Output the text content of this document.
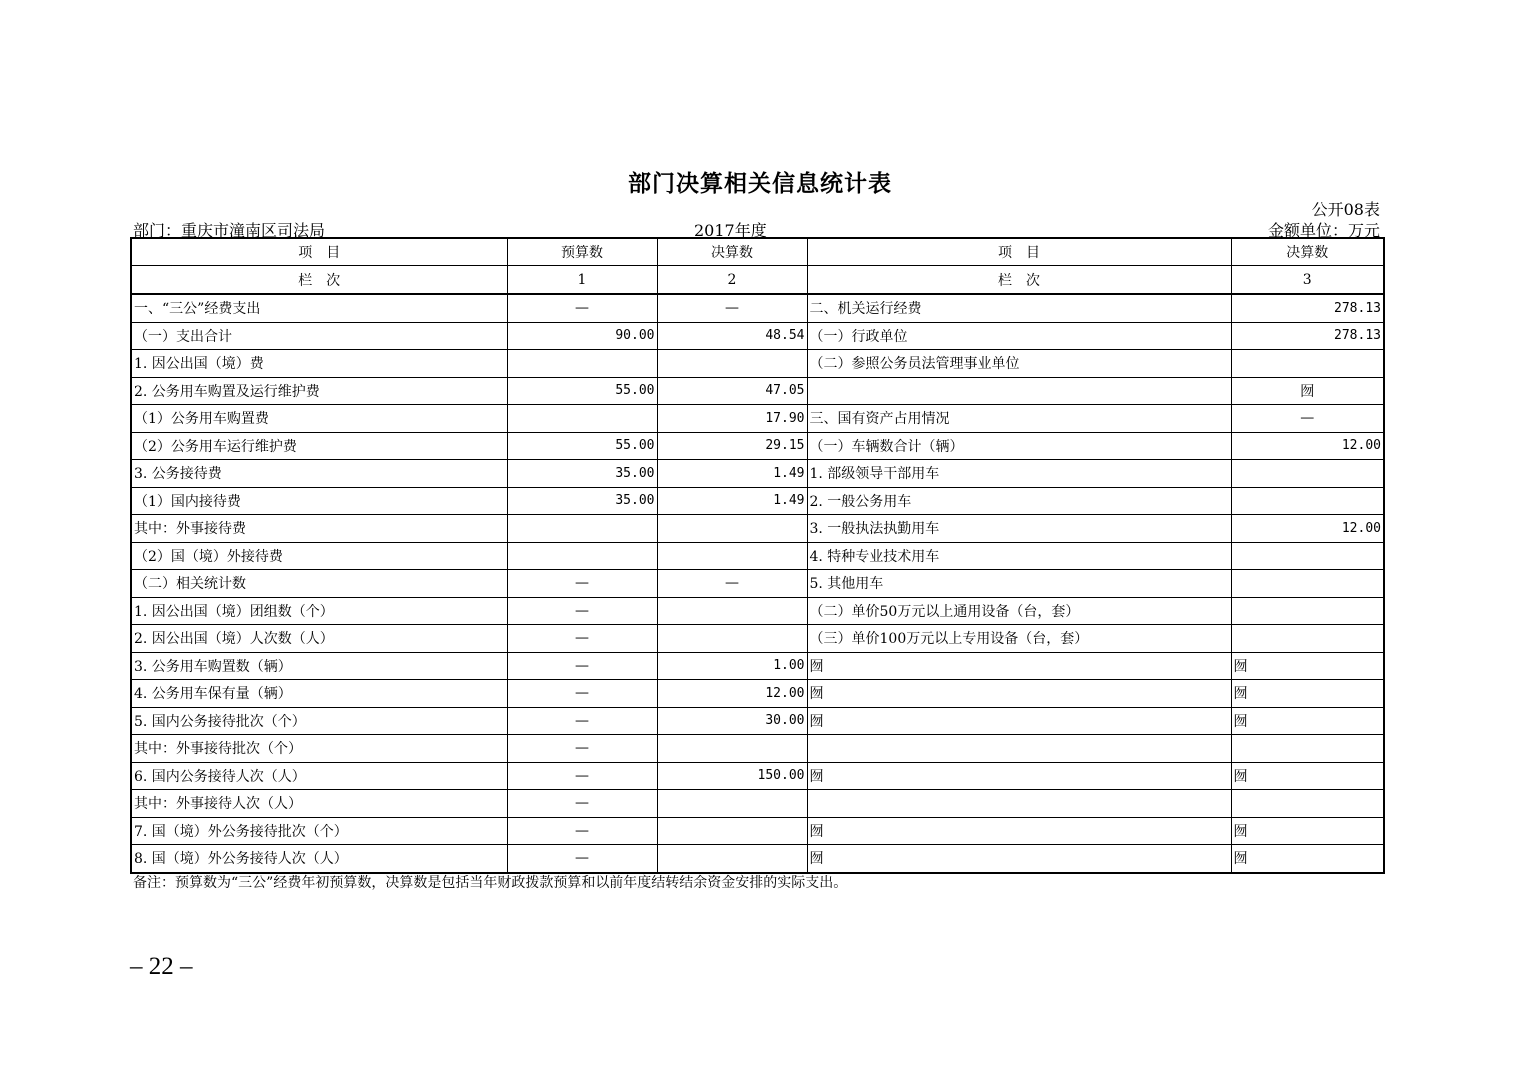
部门决算相关信息统计表
公开08表
部门：重庆市潼南区司法局	2017年度	金额单位：万元
项　目	预算数	决算数	项　目	决算数
栏　次	1	2	栏　次	3
一、“三公”经费支出	—	—	二、机关运行经费	278.13
（一）支出合计	90.00	48.54	（一）行政单位	278.13
1. 因公出国（境）费			（二）参照公务员法管理事业单位	
2. 公务用车购置及运行维护费	55.00	47.05		囫
（1）公务用车购置费		17.90	三、国有资产占用情况	—
（2）公务用车运行维护费	55.00	29.15	（一）车辆数合计（辆）	12.00
3. 公务接待费	35.00	1.49	1. 部级领导干部用车	
（1）国内接待费	35.00	1.49	2. 一般公务用车	
其中：外事接待费			3. 一般执法执勤用车	12.00
（2）国（境）外接待费			4. 特种专业技术用车	
（二）相关统计数	—	—	5. 其他用车	
1. 因公出国（境）团组数（个）	—		（二）单价50万元以上通用设备（台，套）	
2. 因公出国（境）人次数（人）	—		（三）单价100万元以上专用设备（台，套）	
3. 公务用车购置数（辆）	—	1.00	囫	囫
4. 公务用车保有量（辆）	—	12.00	囫	囫
5. 国内公务接待批次（个）	—	30.00	囫	囫
其中：外事接待批次（个）	—			
6. 国内公务接待人次（人）	—	150.00	囫	囫
其中：外事接待人次（人）	—			
7. 国（境）外公务接待批次（个）	—		囫	囫
8. 国（境）外公务接待人次（人）	—		囫	囫
备注：预算数为“三公”经费年初预算数，决算数是包括当年财政拨款预算和以前年度结转结余资金安排的实际支出。
– 22 –
